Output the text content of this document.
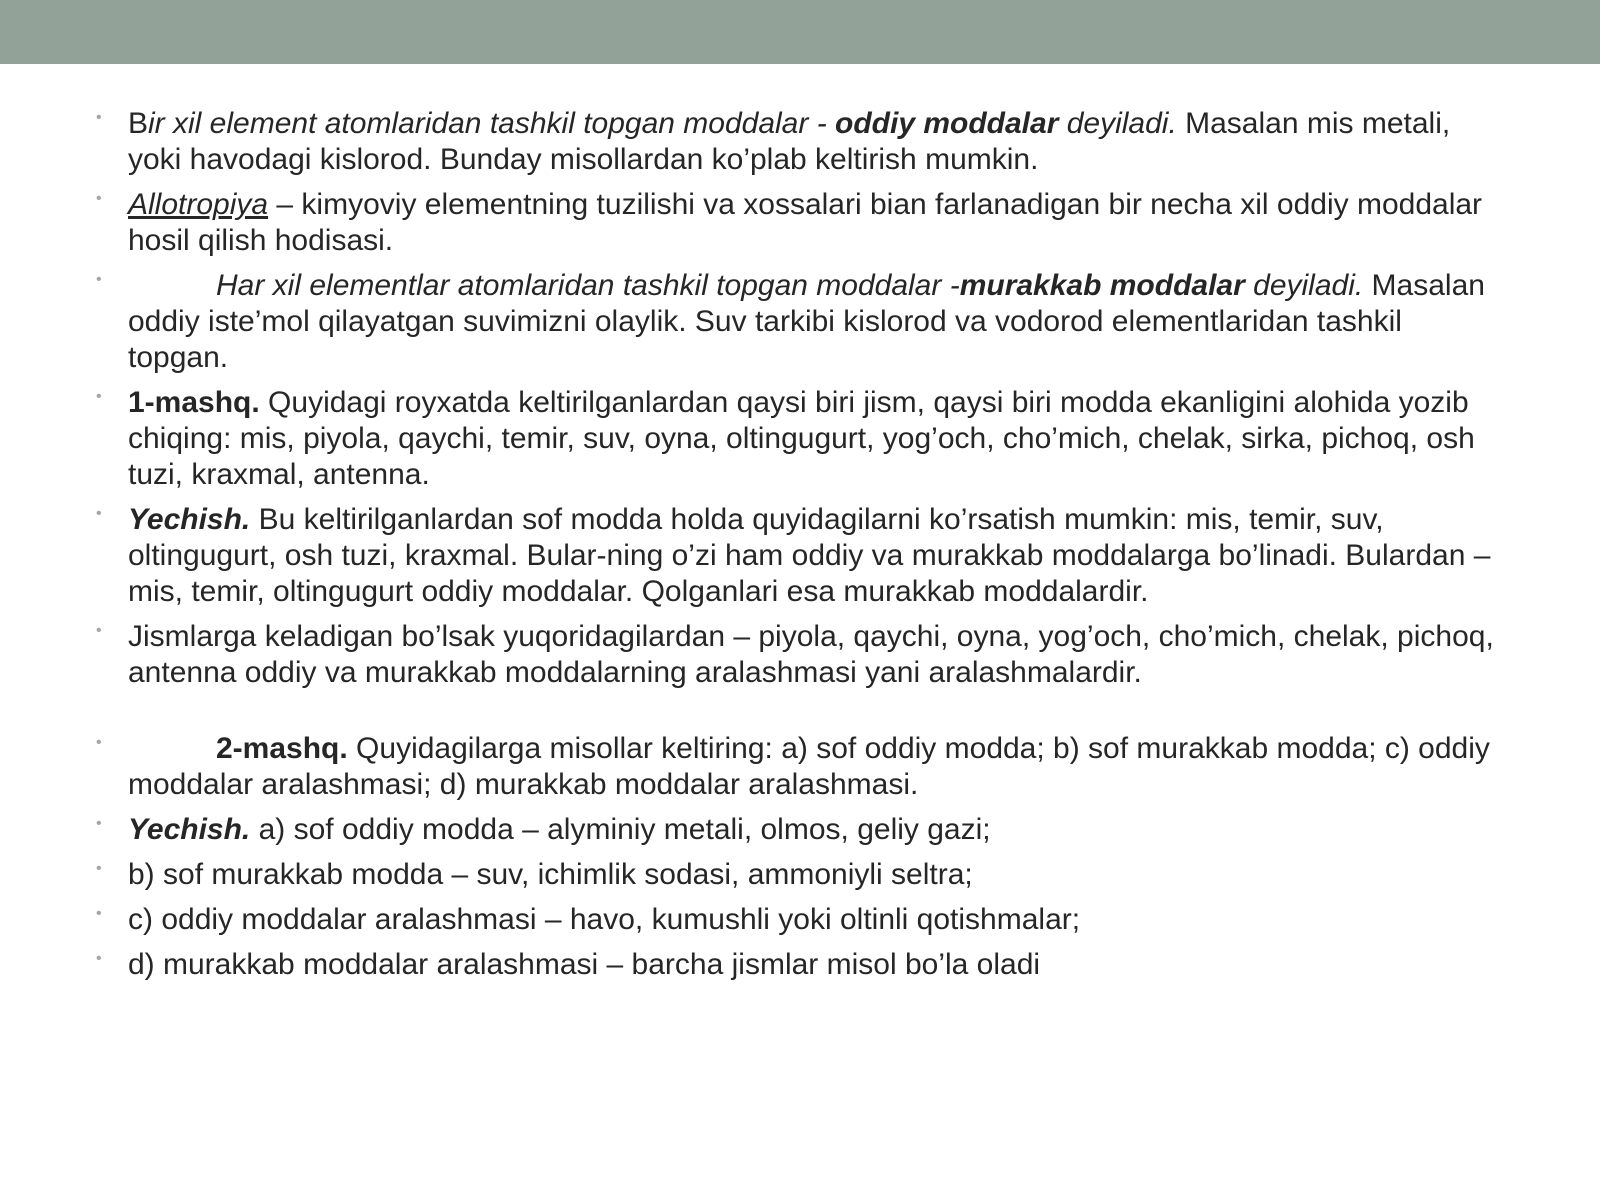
• Bir xil element atomlaridan tashkil topgan moddalar - oddiy moddalar deyiladi. Masalan mis metali, yoki havodagi kislorod. Bunday misollardan ko’plab keltirish mumkin.
• Allotropiya – kimyoviy elementning tuzilishi va xossalari bian farlanadigan bir necha xil oddiy moddalar hosil qilish hodisasi.
•	Har xil elementlar atomlaridan tashkil topgan moddalar -murakkab moddalar deyiladi. Masalan oddiy iste’mol qilayatgan suvimizni olaylik. Suv tarkibi kislorod va vodorod elementlaridan tashkil topgan.
• 1-mashq. Quyidagi royxatda keltirilganlardan qaysi biri jism, qaysi biri modda ekanligini alohida yozib chiqing: mis, piyola, qaychi, temir, suv, oyna, oltingugurt, yog’och, cho’mich, chelak, sirka, pichoq, osh tuzi, kraxmal, antenna.
• Yechish. Bu keltirilganlardan sof modda holda quyidagilarni ko’rsatish mumkin: mis, temir, suv, oltingugurt, osh tuzi, kraxmal. Bular-ning o’zi ham oddiy va murakkab moddalarga bo’linadi. Bulardan – mis, temir, oltingugurt oddiy moddalar. Qolganlari esa murakkab moddalardir.
• Jismlarga keladigan bo’lsak yuqoridagilardan – piyola, qaychi, oyna, yog’och, cho’mich, chelak, pichoq, antenna oddiy va murakkab moddalarning aralashmasi yani aralashmalardir.
•	2-mashq. Quyidagilarga misollar keltiring: a) sof oddiy modda; b) sof murakkab modda; c) oddiy moddalar aralashmasi; d) murakkab moddalar aralashmasi.
• Yechish. a) sof oddiy modda – alyminiy metali, olmos, geliy gazi;
• b) sof murakkab modda – suv, ichimlik sodasi, ammoniyli seltra;
• c) oddiy moddalar aralashmasi – havo, kumushli yoki oltinli qotishmalar;
• d) murakkab moddalar aralashmasi – barcha jismlar misol bo’la oladi
